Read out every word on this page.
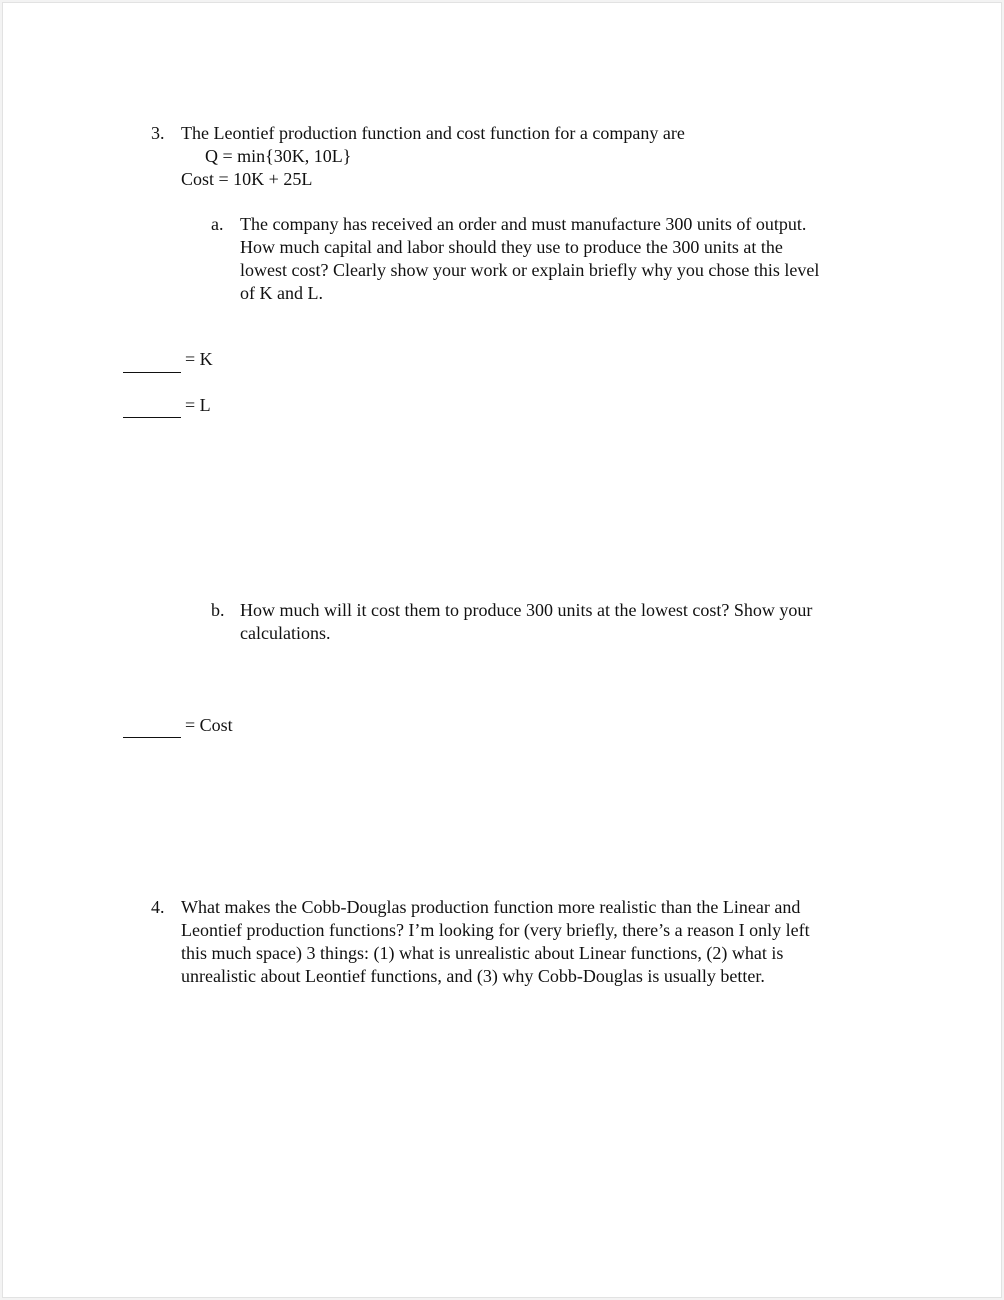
3. The Leontief production function and cost function for a company are
Q = min{30K, 10L}
Cost = 10K + 25L
a. The company has received an order and must manufacture 300 units of output.
How much capital and labor should they use to produce the 300 units at the
lowest cost? Clearly show your work or explain briefly why you chose this level
of K and L.
= K
= L
b. How much will it cost them to produce 300 units at the lowest cost? Show your
calculations.
= Cost
4. What makes the Cobb-Douglas production function more realistic than the Linear and
Leontief production functions? I’m looking for (very briefly, there’s a reason I only left
this much space) 3 things: (1) what is unrealistic about Linear functions, (2) what is
unrealistic about Leontief functions, and (3) why Cobb-Douglas is usually better.
